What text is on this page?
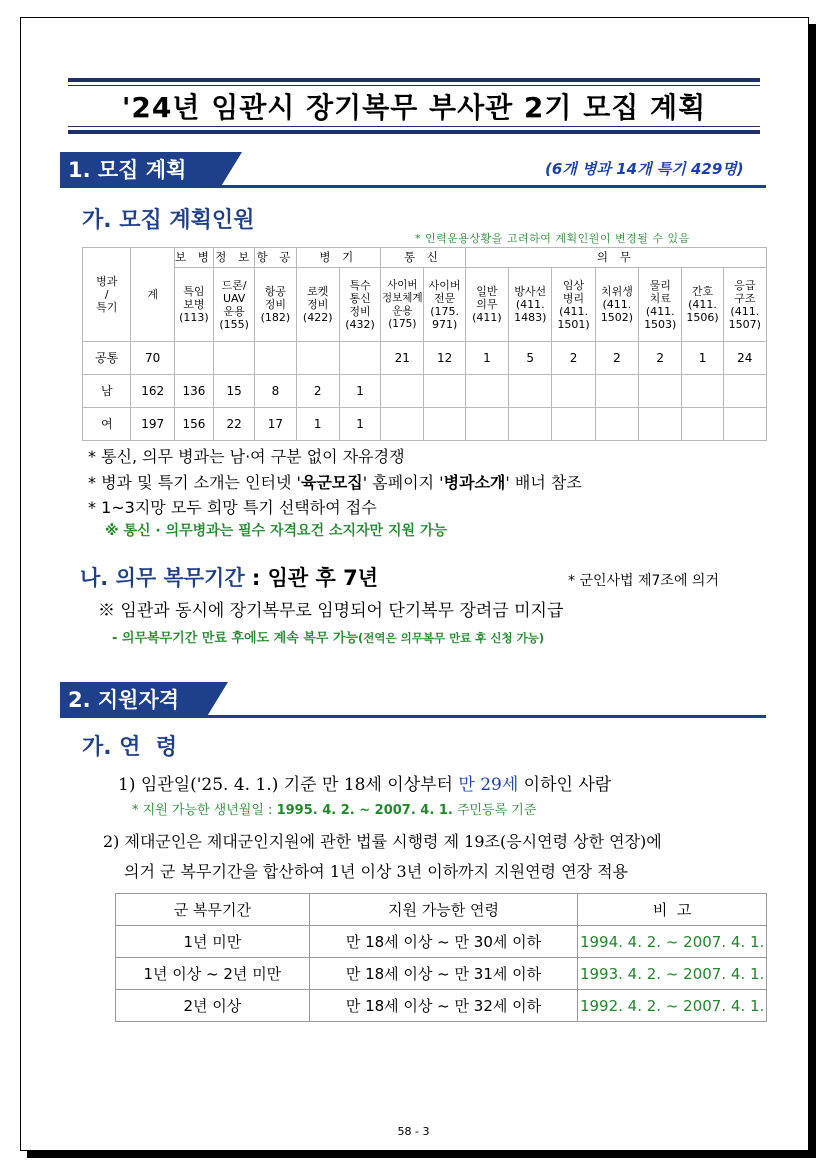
'24년 임관시 장기복무 부사관 2기 모집 계획
1. 모집 계획	(6개 병과 14개 특기 429명)
가. 모집 계획인원
* 인력운용상황을 고려하여 계획인원이 변경될 수 있음
병과
/
특기	계	보 병	정 보	항 공	병 기		통 신		의 무						
		특임
보병
(113)	드론/
UAV
운용
(155)	항공
정비
(182)	로켓
정비
(422)	특수
통신
정비
(432)	사이버
정보체계
운용
(175)	사이버
전문
(175.
971)	일반
의무
(411)	방사선
(411.
1483)	임상
병리
(411.
1501)	치위생
(411.
1502)	물리
치료
(411.
1503)	간호
(411.
1506)	응급
구조
(411.
1507)
공통	70						21	12	1	5	2	2	2	1	24
남	162	136	15	8	2	1									
여	197	156	22	17	1	1									
* 통신, 의무 병과는 남·여 구분 없이 자유경쟁
* 병과 및 특기 소개는 인터넷 '육군모집' 홈페이지 '병과소개' 배너 참조
* 1~3지망 모두 희망 특기 선택하여 접수
※ 통신 · 의무병과는 필수 자격요건 소지자만 지원 가능
나. 의무 복무기간 : 임관 후 7년	* 군인사법 제7조에 의거
※ 임관과 동시에 장기복무로 임명되어 단기복무 장려금 미지급
- 의무복무기간 만료 후에도 계속 복무 가능(전역은 의무복무 만료 후 신청 가능)
2. 지원자격
가. 연  령
1) 임관일('25. 4. 1.) 기준 만 18세 이상부터 만 29세 이하인 사람
* 지원 가능한 생년월일 : 1995. 4. 2. ~ 2007. 4. 1. 주민등록 기준
2) 제대군인은 제대군인지원에 관한 법률 시행령 제 19조(응시연령 상한 연장)에
의거 군 복무기간을 합산하여 1년 이상 3년 이하까지 지원연령 연장 적용
군 복무기간	지원 가능한 연령	비  고
1년 미만	만 18세 이상 ~ 만 30세 이하	1994. 4. 2. ~ 2007. 4. 1.
1년 이상 ~ 2년 미만	만 18세 이상 ~ 만 31세 이하	1993. 4. 2. ~ 2007. 4. 1.
2년 이상	만 18세 이상 ~ 만 32세 이하	1992. 4. 2. ~ 2007. 4. 1.
58 - 3
